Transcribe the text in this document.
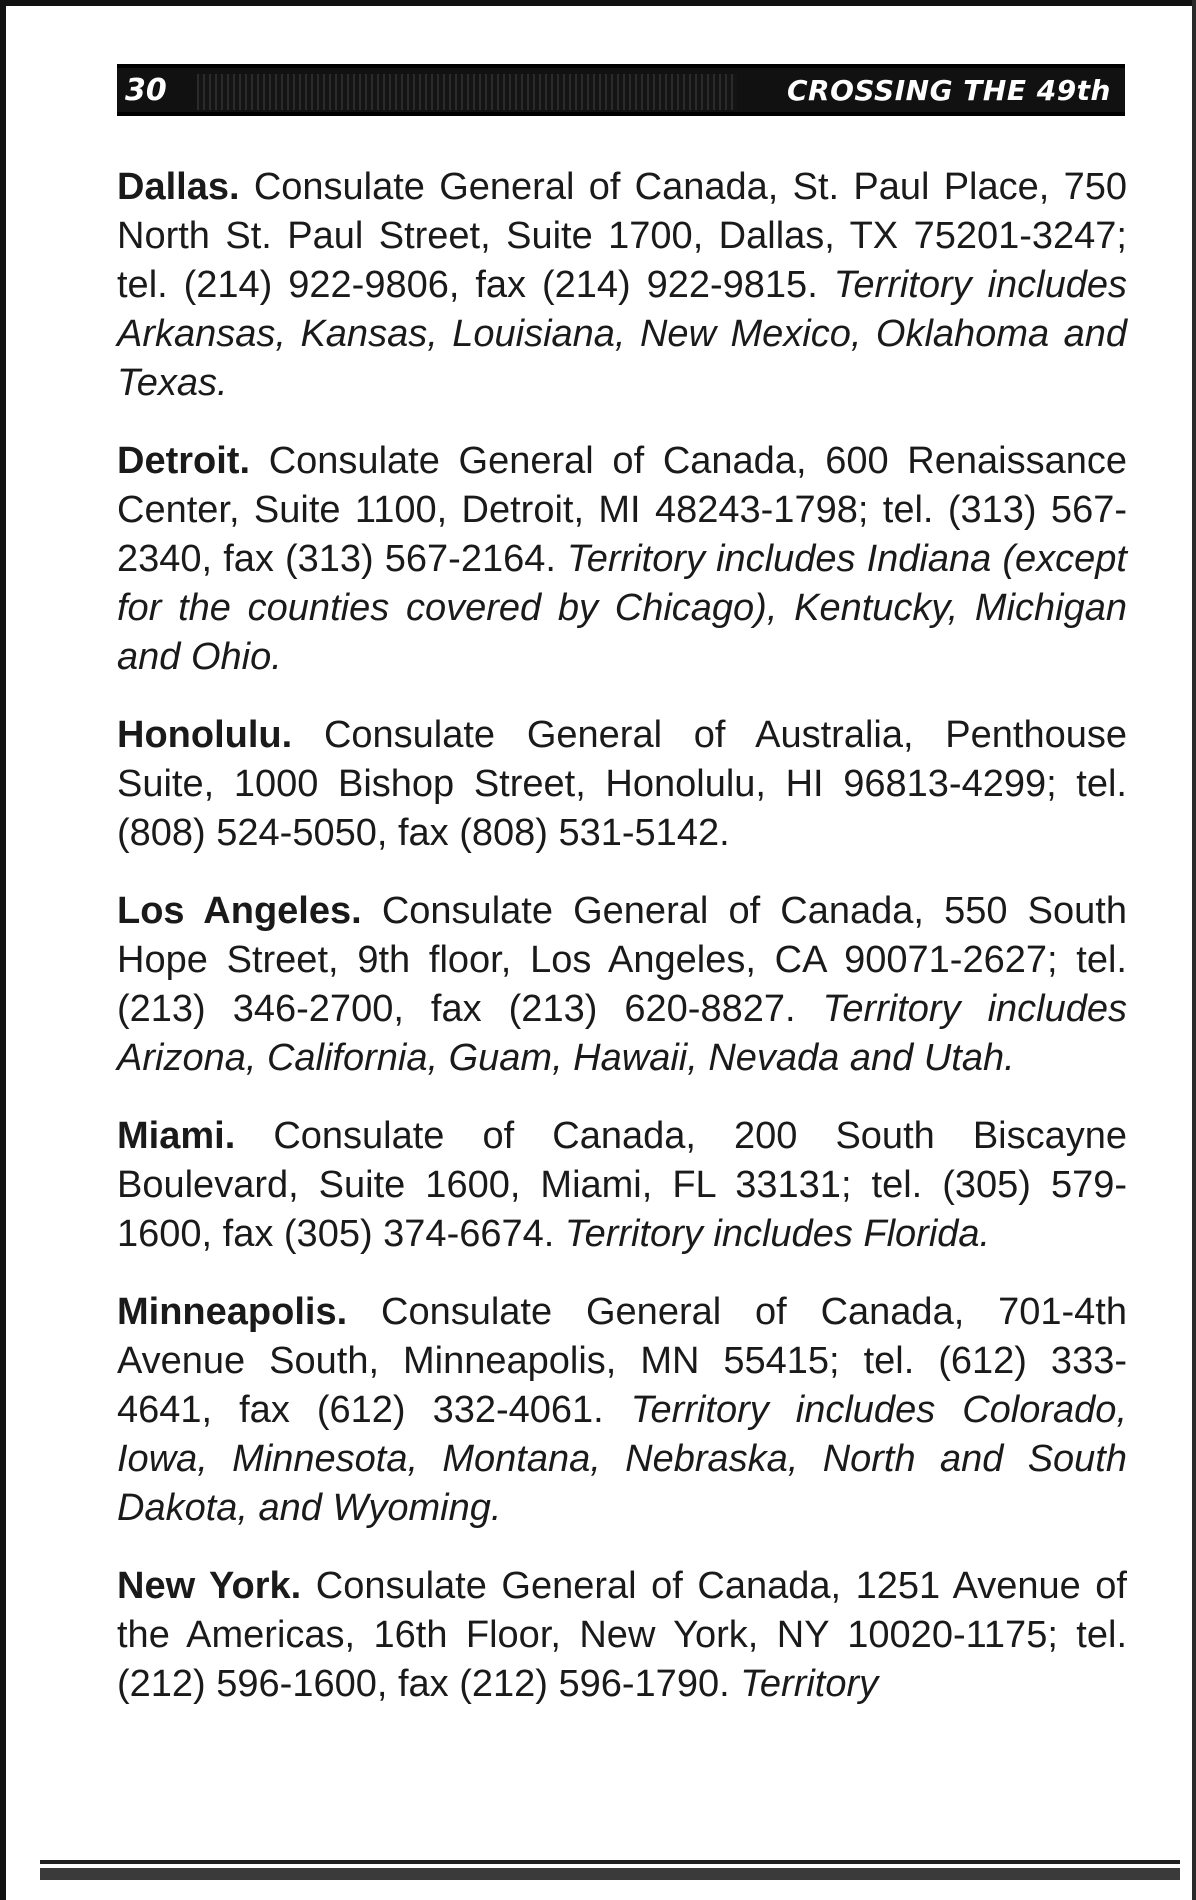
30	CROSSING THE 49th

Dallas. Consulate General of Canada, St. Paul Place, 750 North St. Paul Street, Suite 1700, Dallas, TX 75201-3247; tel. (214) 922-9806, fax (214) 922-9815. Territory includes Arkansas, Kansas, Louisiana, New Mexico, Oklahoma and Texas.

Detroit. Consulate General of Canada, 600 Renaissance Center, Suite 1100, Detroit, MI 48243-1798; tel. (313) 567-2340, fax (313) 567-2164. Territory includes Indiana (except for the counties covered by Chicago), Kentucky, Michigan and Ohio.

Honolulu. Consulate General of Australia, Penthouse Suite, 1000 Bishop Street, Honolulu, HI 96813-4299; tel. (808) 524-5050, fax (808) 531-5142.

Los Angeles. Consulate General of Canada, 550 South Hope Street, 9th floor, Los Angeles, CA 90071-2627; tel. (213) 346-2700, fax (213) 620-8827. Territory includes Arizona, California, Guam, Hawaii, Nevada and Utah.

Miami. Consulate of Canada, 200 South Biscayne Boulevard, Suite 1600, Miami, FL 33131; tel. (305) 579-1600, fax (305) 374-6674. Territory includes Florida.

Minneapolis. Consulate General of Canada, 701-4th Avenue South, Minneapolis, MN 55415; tel. (612) 333-4641, fax (612) 332-4061. Territory includes Colorado, Iowa, Minnesota, Montana, Nebraska, North and South Dakota, and Wyoming.

New York. Consulate General of Canada, 1251 Avenue of the Americas, 16th Floor, New York, NY 10020-1175; tel. (212) 596-1600, fax (212) 596-1790. Territory
